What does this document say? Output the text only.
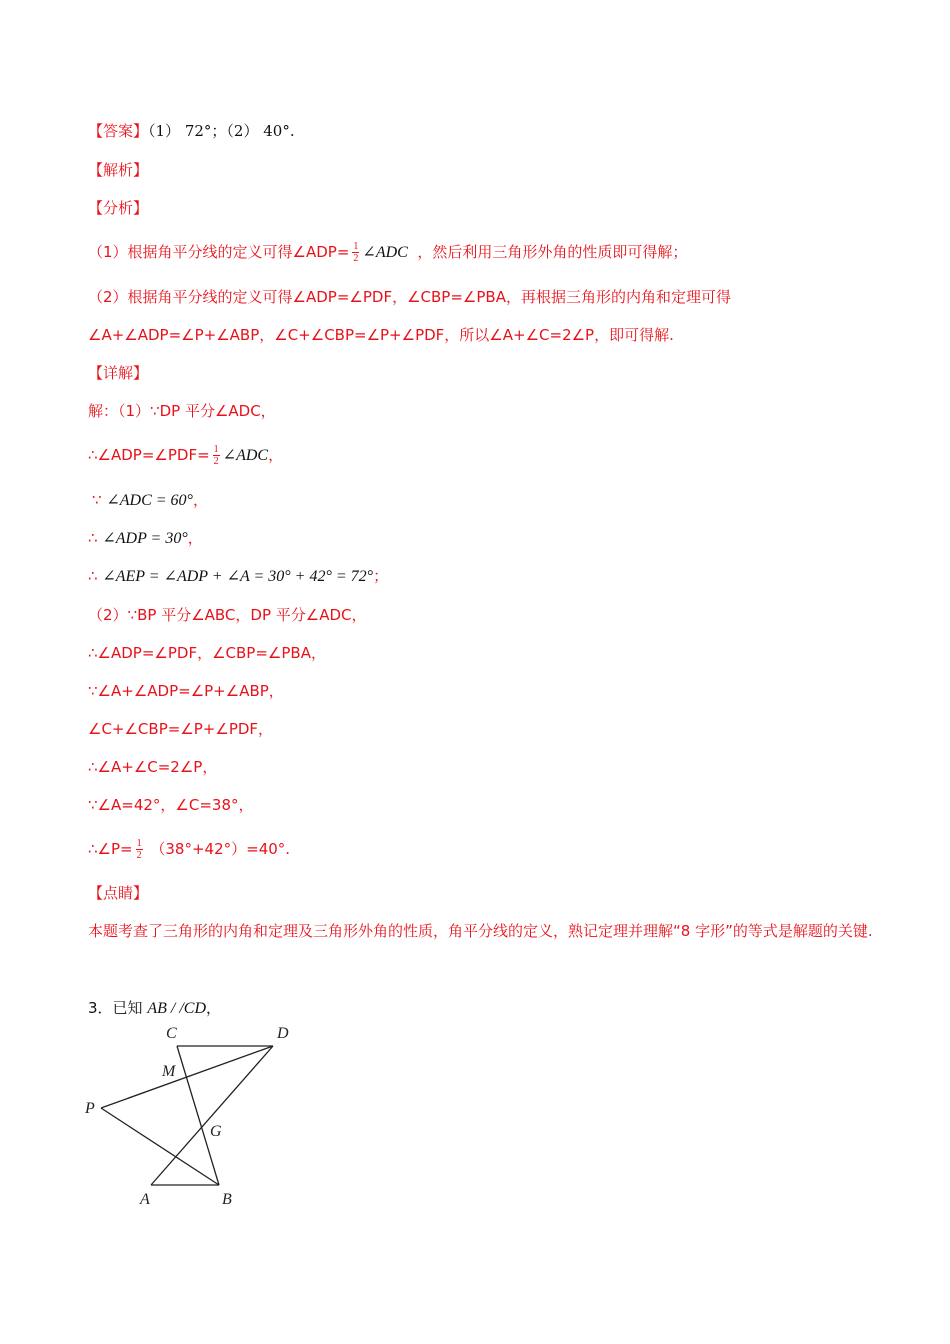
【答案】（1） 72°；（2） 40°.
【解析】
【分析】
（1）根据角平分线的定义可得∠ADP= $\frac{1}{2}$ ∠ADC ，然后利用三角形外角的性质即可得解；
（2）根据角平分线的定义可得∠ADP=∠PDF，∠CBP=∠PBA，再根据三角形的内角和定理可得
∠A+∠ADP=∠P+∠ABP，∠C+∠CBP=∠P+∠PDF，所以∠A+∠C=2∠P，即可得解.
【详解】
解：（1）∵DP 平分∠ADC，
∴∠ADP=∠PDF= $\frac{1}{2}$ ∠ADC，
∵ ∠ADC = 60°，
∴ ∠ADP = 30°，
∴ ∠AEP = ∠ADP + ∠A = 30° + 42° = 72°；
（2）∵BP 平分∠ABC，DP 平分∠ADC，
∴∠ADP=∠PDF，∠CBP=∠PBA，
∵∠A+∠ADP=∠P+∠ABP，
∠C+∠CBP=∠P+∠PDF，
∴∠A+∠C=2∠P，
∵∠A=42°，∠C=38°，
∴∠P= $\frac{1}{2} (38^\circ+42^\circ)=40^\circ$.
【点睛】
本题考查了三角形的内角和定理及三角形外角的性质，角平分线的定义，熟记定理并理解“8 字形”的等式是解题的关键.
3．已知 AB / /CD，
C	D
M
P
G
A	B
